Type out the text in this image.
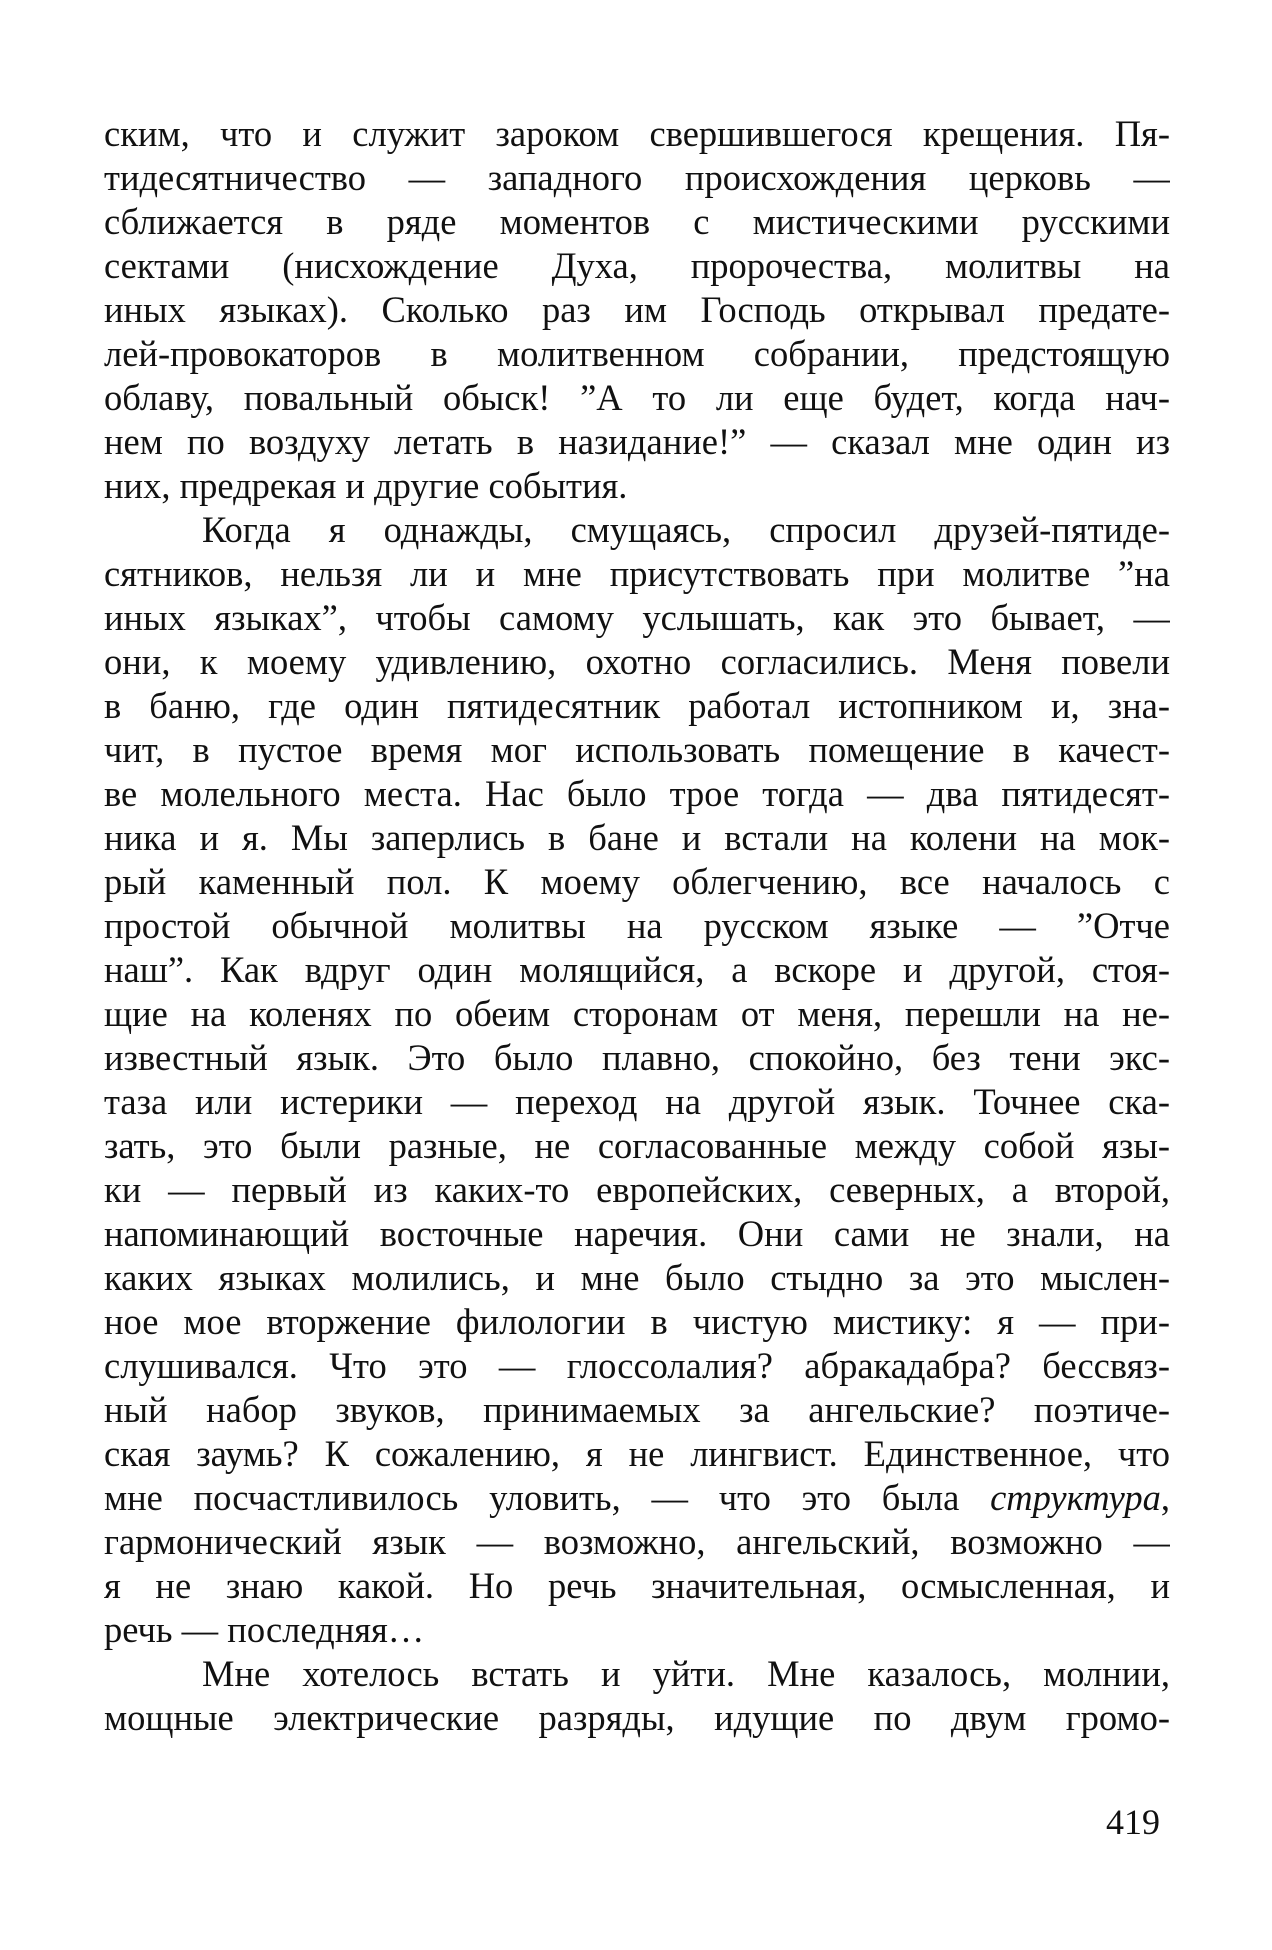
ским, что и служит зароком свершившегося крещения. Пя-
тидесятничество — западного происхождения церковь —
сближается в ряде моментов с мистическими русскими
сектами (нисхождение Духа, пророчества, молитвы на
иных языках). Сколько раз им Господь открывал предате-
лей-провокаторов в молитвенном собрании, предстоящую
облаву, повальный обыск! ”А то ли еще будет, когда нач-
нем по воздуху летать в назидание!” — сказал мне один из
них, предрекая и другие события.
Когда я однажды, смущаясь, спросил друзей-пятиде-
сятников, нельзя ли и мне присутствовать при молитве ”на
иных языках”, чтобы самому услышать, как это бывает, —
они, к моему удивлению, охотно согласились. Меня повели
в баню, где один пятидесятник работал истопником и, зна-
чит, в пустое время мог использовать помещение в качест-
ве молельного места. Нас было трое тогда — два пятидесят-
ника и я. Мы заперлись в бане и встали на колени на мок-
рый каменный пол. К моему облегчению, все началось с
простой обычной молитвы на русском языке — ”Отче
наш”. Как вдруг один молящийся, а вскоре и другой, стоя-
щие на коленях по обеим сторонам от меня, перешли на не-
известный язык. Это было плавно, спокойно, без тени экс-
таза или истерики — переход на другой язык. Точнее ска-
зать, это были разные, не согласованные между собой язы-
ки — первый из каких-то европейских, северных, а второй,
напоминающий восточные наречия. Они сами не знали, на
каких языках молились, и мне было стыдно за это мыслен-
ное мое вторжение филологии в чистую мистику: я — при-
слушивался. Что это — глоссолалия? абракадабра? бессвяз-
ный набор звуков, принимаемых за ангельские? поэтиче-
ская заумь? К сожалению, я не лингвист. Единственное, что
мне посчастливилось уловить, — что это была структура,
гармонический язык — возможно, ангельский, возможно —
я не знаю какой. Но речь значительная, осмысленная, и
речь — последняя…
Мне хотелось встать и уйти. Мне казалось, молнии,
мощные электрические разряды, идущие по двум громо-
419
